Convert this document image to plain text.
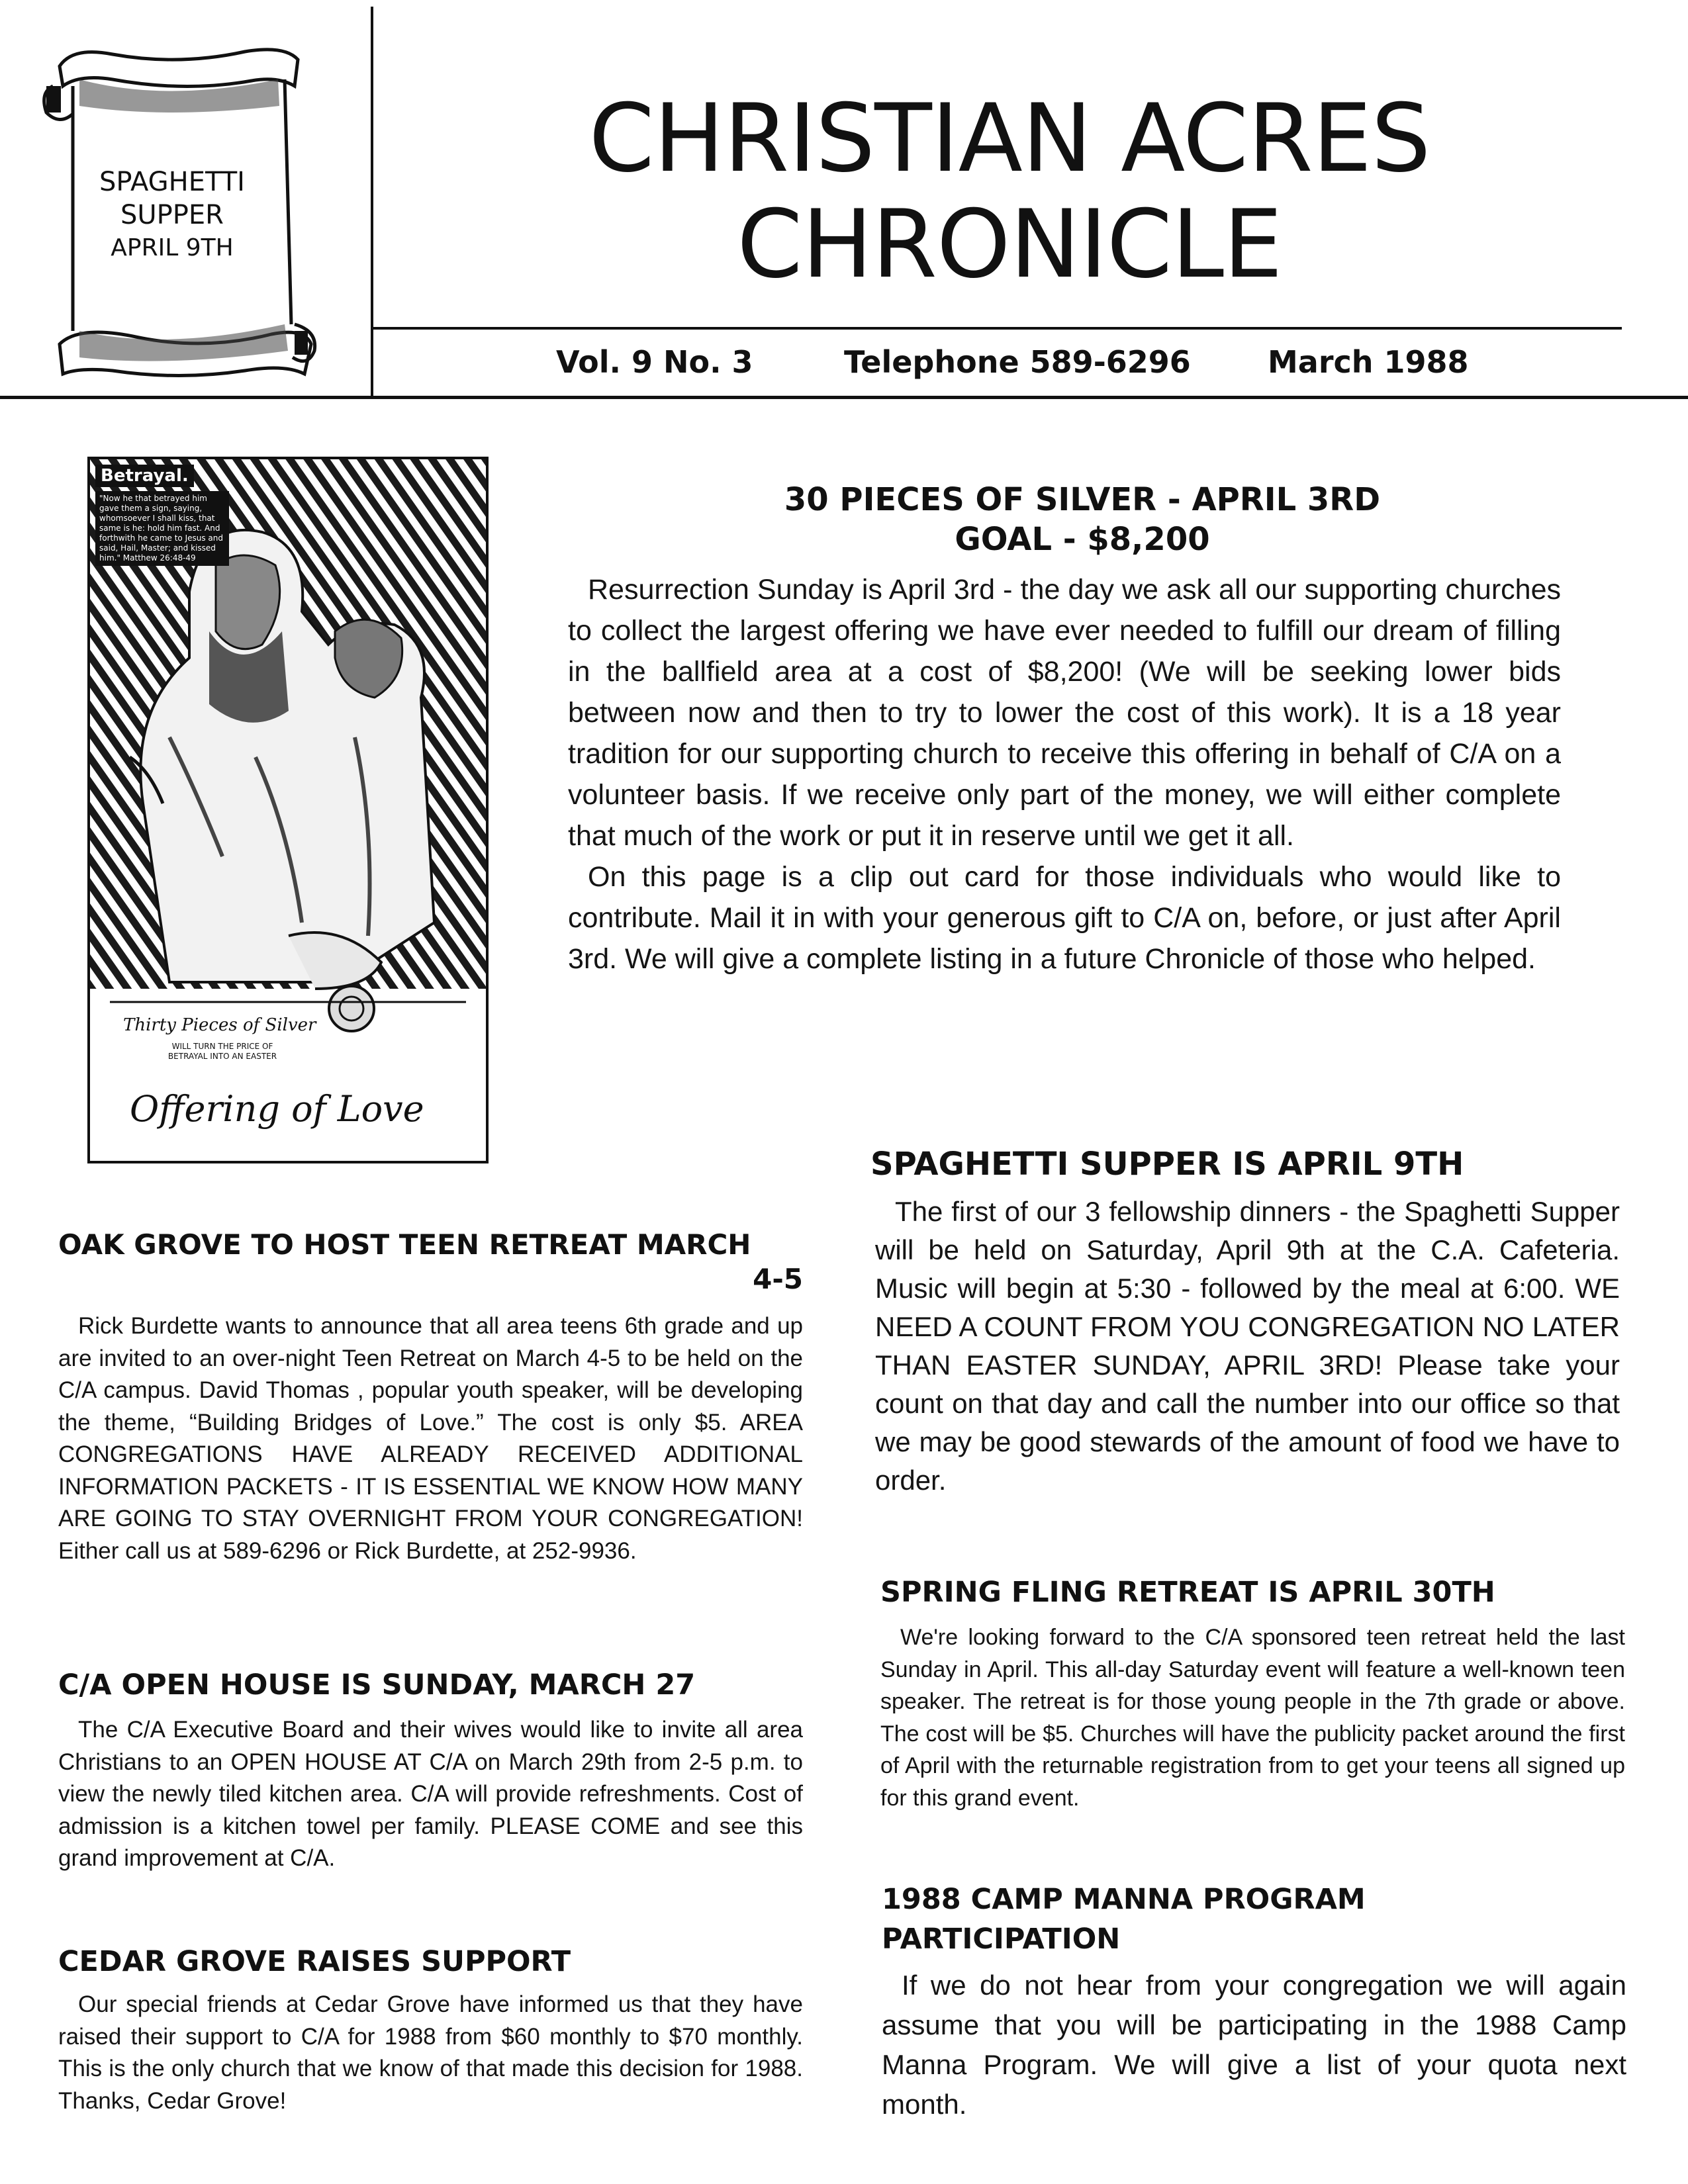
SPAGHETTI
SUPPER
APRIL 9TH
CHRISTIAN ACRES
CHRONICLE
Vol. 9 No. 3	Telephone 589-6296	March 1988
Betrayal.
"Now he that betrayed him gave them a sign, saying, whomsoever I shall kiss, that same is he: hold him fast. And forthwith he came to Jesus and said, Hail, Master; and kissed him." Matthew 26:48-49
Thirty Pieces of Silver
WILL TURN THE PRICE OF BETRAYAL INTO AN EASTER
Offering of Love
30 PIECES OF SILVER - APRIL 3RD
GOAL - $8,200

Resurrection Sunday is April 3rd - the day we ask all our supporting churches to collect the largest offering we have ever needed to fulfill our dream of filling in the ballfield area at a cost of $8,200! (We will be seeking lower bids between now and then to try to lower the cost of this work). It is a 18 year tradition for our supporting church to receive this offering in behalf of C/A on a volunteer basis. If we receive only part of the money, we will either complete that much of the work or put it in reserve until we get it all.

On this page is a clip out card for those individuals who would like to contribute. Mail it in with your generous gift to C/A on, before, or just after April 3rd. We will give a complete listing in a future Chronicle of those who helped.

OAK GROVE TO HOST TEEN RETREAT MARCH
4-5

Rick Burdette wants to announce that all area teens 6th grade and up are invited to an over-night Teen Retreat on March 4-5 to be held on the C/A campus. David Thomas , popular youth speaker, will be developing the theme, “Building Bridges of Love.” The cost is only $5. AREA CONGREGATIONS HAVE ALREADY RECEIVED ADDITIONAL INFORMATION PACKETS - IT IS ESSENTIAL WE KNOW HOW MANY ARE GOING TO STAY OVERNIGHT FROM YOUR CONGREGATION! Either call us at 589-6296 or Rick Burdette, at 252-9936.

C/A OPEN HOUSE IS SUNDAY, MARCH 27

The C/A Executive Board and their wives would like to invite all area Christians to an OPEN HOUSE AT C/A on March 29th from 2-5 p.m. to view the newly tiled kitchen area. C/A will provide refreshments. Cost of admission is a kitchen towel per family. PLEASE COME and see this grand improvement at C/A.

CEDAR GROVE RAISES SUPPORT

Our special friends at Cedar Grove have informed us that they have raised their support to C/A for 1988 from $60 monthly to $70 monthly. This is the only church that we know of that made this decision for 1988. Thanks, Cedar Grove!

SPAGHETTI SUPPER IS APRIL 9TH

The first of our 3 fellowship dinners - the Spaghetti Supper will be held on Saturday, April 9th at the C.A. Cafeteria. Music will begin at 5:30 - followed by the meal at 6:00. WE NEED A COUNT FROM YOU CONGREGATION NO LATER THAN EASTER SUNDAY, APRIL 3RD! Please take your count on that day and call the number into our office so that we may be good stewards of the amount of food we have to order.

SPRING FLING RETREAT IS APRIL 30TH

We're looking forward to the C/A sponsored teen retreat held the last Sunday in April. This all-day Saturday event will feature a well-known teen speaker. The retreat is for those young people in the 7th grade or above. The cost will be $5. Churches will have the publicity packet around the first of April with the returnable registration from to get your teens all signed up for this grand event.

1988 CAMP MANNA PROGRAM
PARTICIPATION

If we do not hear from your congregation we will again assume that you will be participating in the 1988 Camp Manna Program. We will give a list of your quota next month.
